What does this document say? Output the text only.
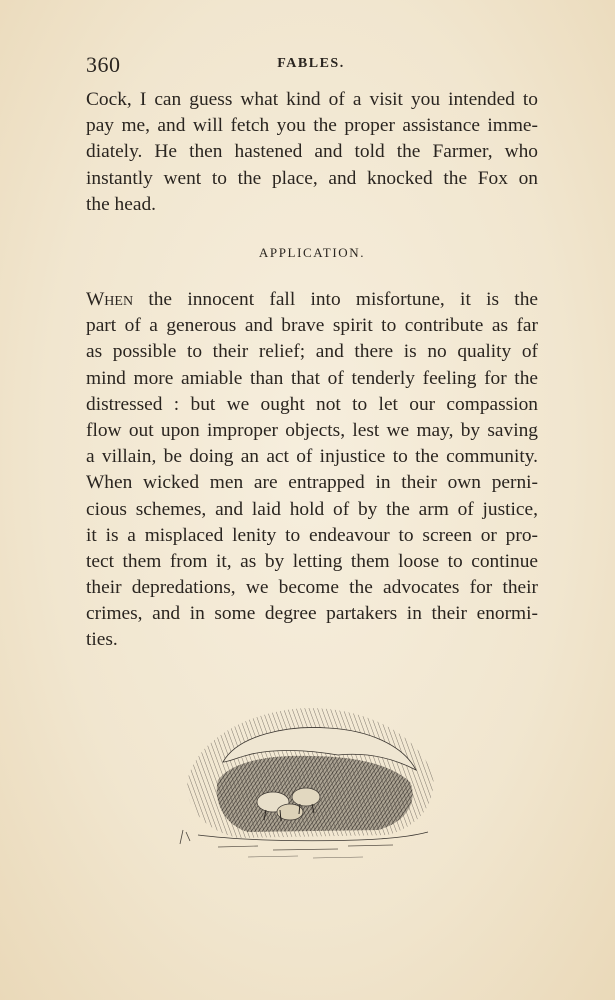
360	FABLES.
Cock, I can guess what kind of a visit you intended to
pay me, and will fetch you the proper assistance imme-
diately. He then hastened and told the Farmer, who
instantly went to the place, and knocked the Fox on
the head.
APPLICATION.
When the innocent fall into misfortune, it is the
part of a generous and brave spirit to contribute as far
as possible to their relief; and there is no quality of
mind more amiable than that of tenderly feeling for the
distressed : but we ought not to let our compassion
flow out upon improper objects, lest we may, by saving
a villain, be doing an act of injustice to the community.
When wicked men are entrapped in their own perni-
cious schemes, and laid hold of by the arm of justice,
it is a misplaced lenity to endeavour to screen or pro-
tect them from it, as by letting them loose to continue
their depredations, we become the advocates for their
crimes, and in some degree partakers in their enormi-
ties.
